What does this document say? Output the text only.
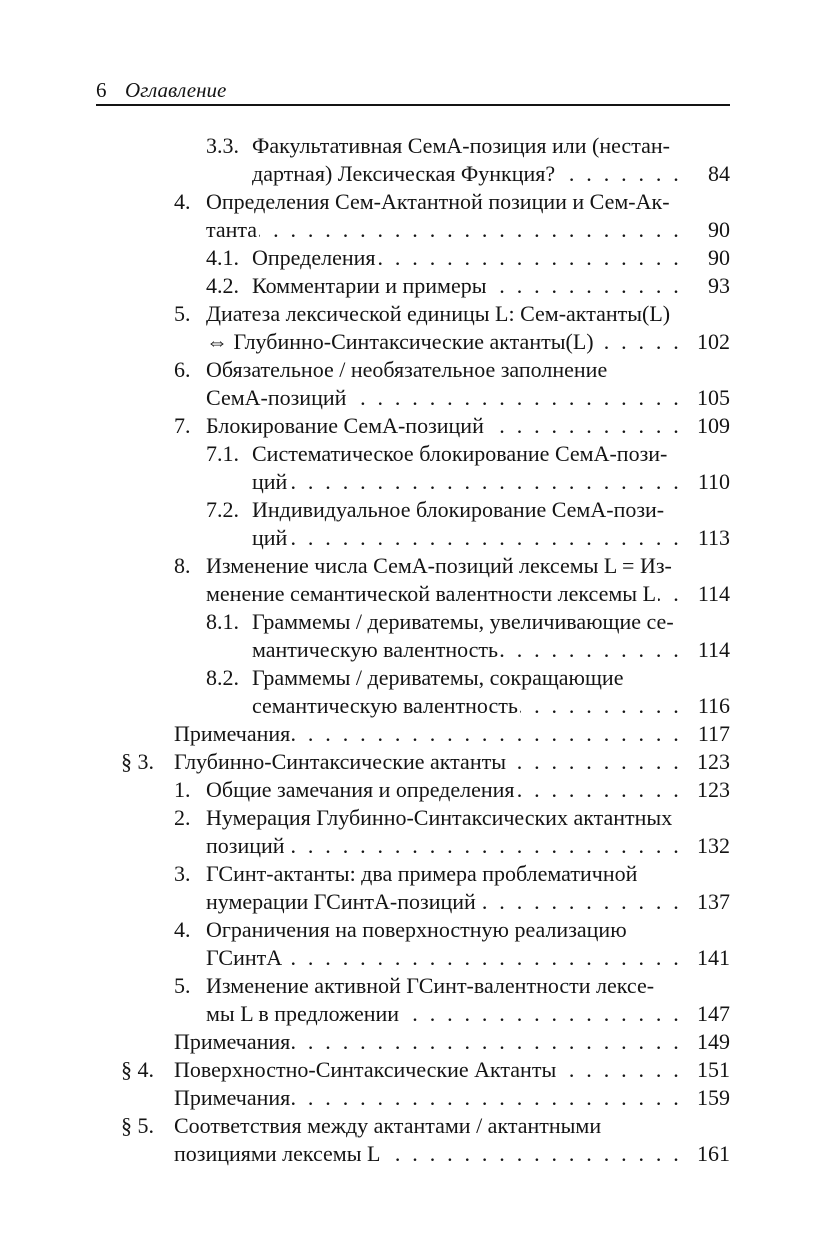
6 Оглавление
3.3. Факультативная СемА-позиция или (нестан-
. . . дартная) Лексическая Функция?	84
4. Определения Сем-Актантной позиции и Сем-Ак-
. . . танта	90
4.1. . . . Определения	90
4.2. . . . Комментарии и примеры	93
5. Диатеза лексической единицы L: Сем-актанты(L)
. . . ⇔ Глубинно-Синтаксические актанты(L)	102
6. Обязательное / необязательное заполнение
. . . СемА-позиций	105
7. . . . Блокирование СемА-позиций	109
7.1. Систематическое блокирование СемА-пози-
. . . ций	110
7.2. Индивидуальное блокирование СемА-пози-
. . . ций	113
8. Изменение числа СемА-позиций лексемы L = Из-
. . . менение семантической валентности лексемы L	114
8.1. Граммемы / дериватемы, увеличивающие се-
. . . мантическую валентность	114
8.2. Граммемы / дериватемы, сокращающие
. . . семантическую валентность	116
. . . Примечания	117
§ 3. . . . Глубинно-Синтаксические актанты	123
1. . . . Общие замечания и определения	123
2. Нумерация Глубинно-Синтаксических актантных
. . . позиций	132
3. ГСинт-актанты: два примера проблематичной
. . . нумерации ГСинтА-позиций	137
4. Ограничения на поверхностную реализацию
. . . ГСинтА	141
5. Изменение активной ГСинт-валентности лексе-
. . . мы L в предложении	147
. . . Примечания	149
§ 4. . . . Поверхностно-Синтаксические Актанты	151
. . . Примечания	159
§ 5. Соответствия между актантами / актантными
. . . позициями лексемы L	161
